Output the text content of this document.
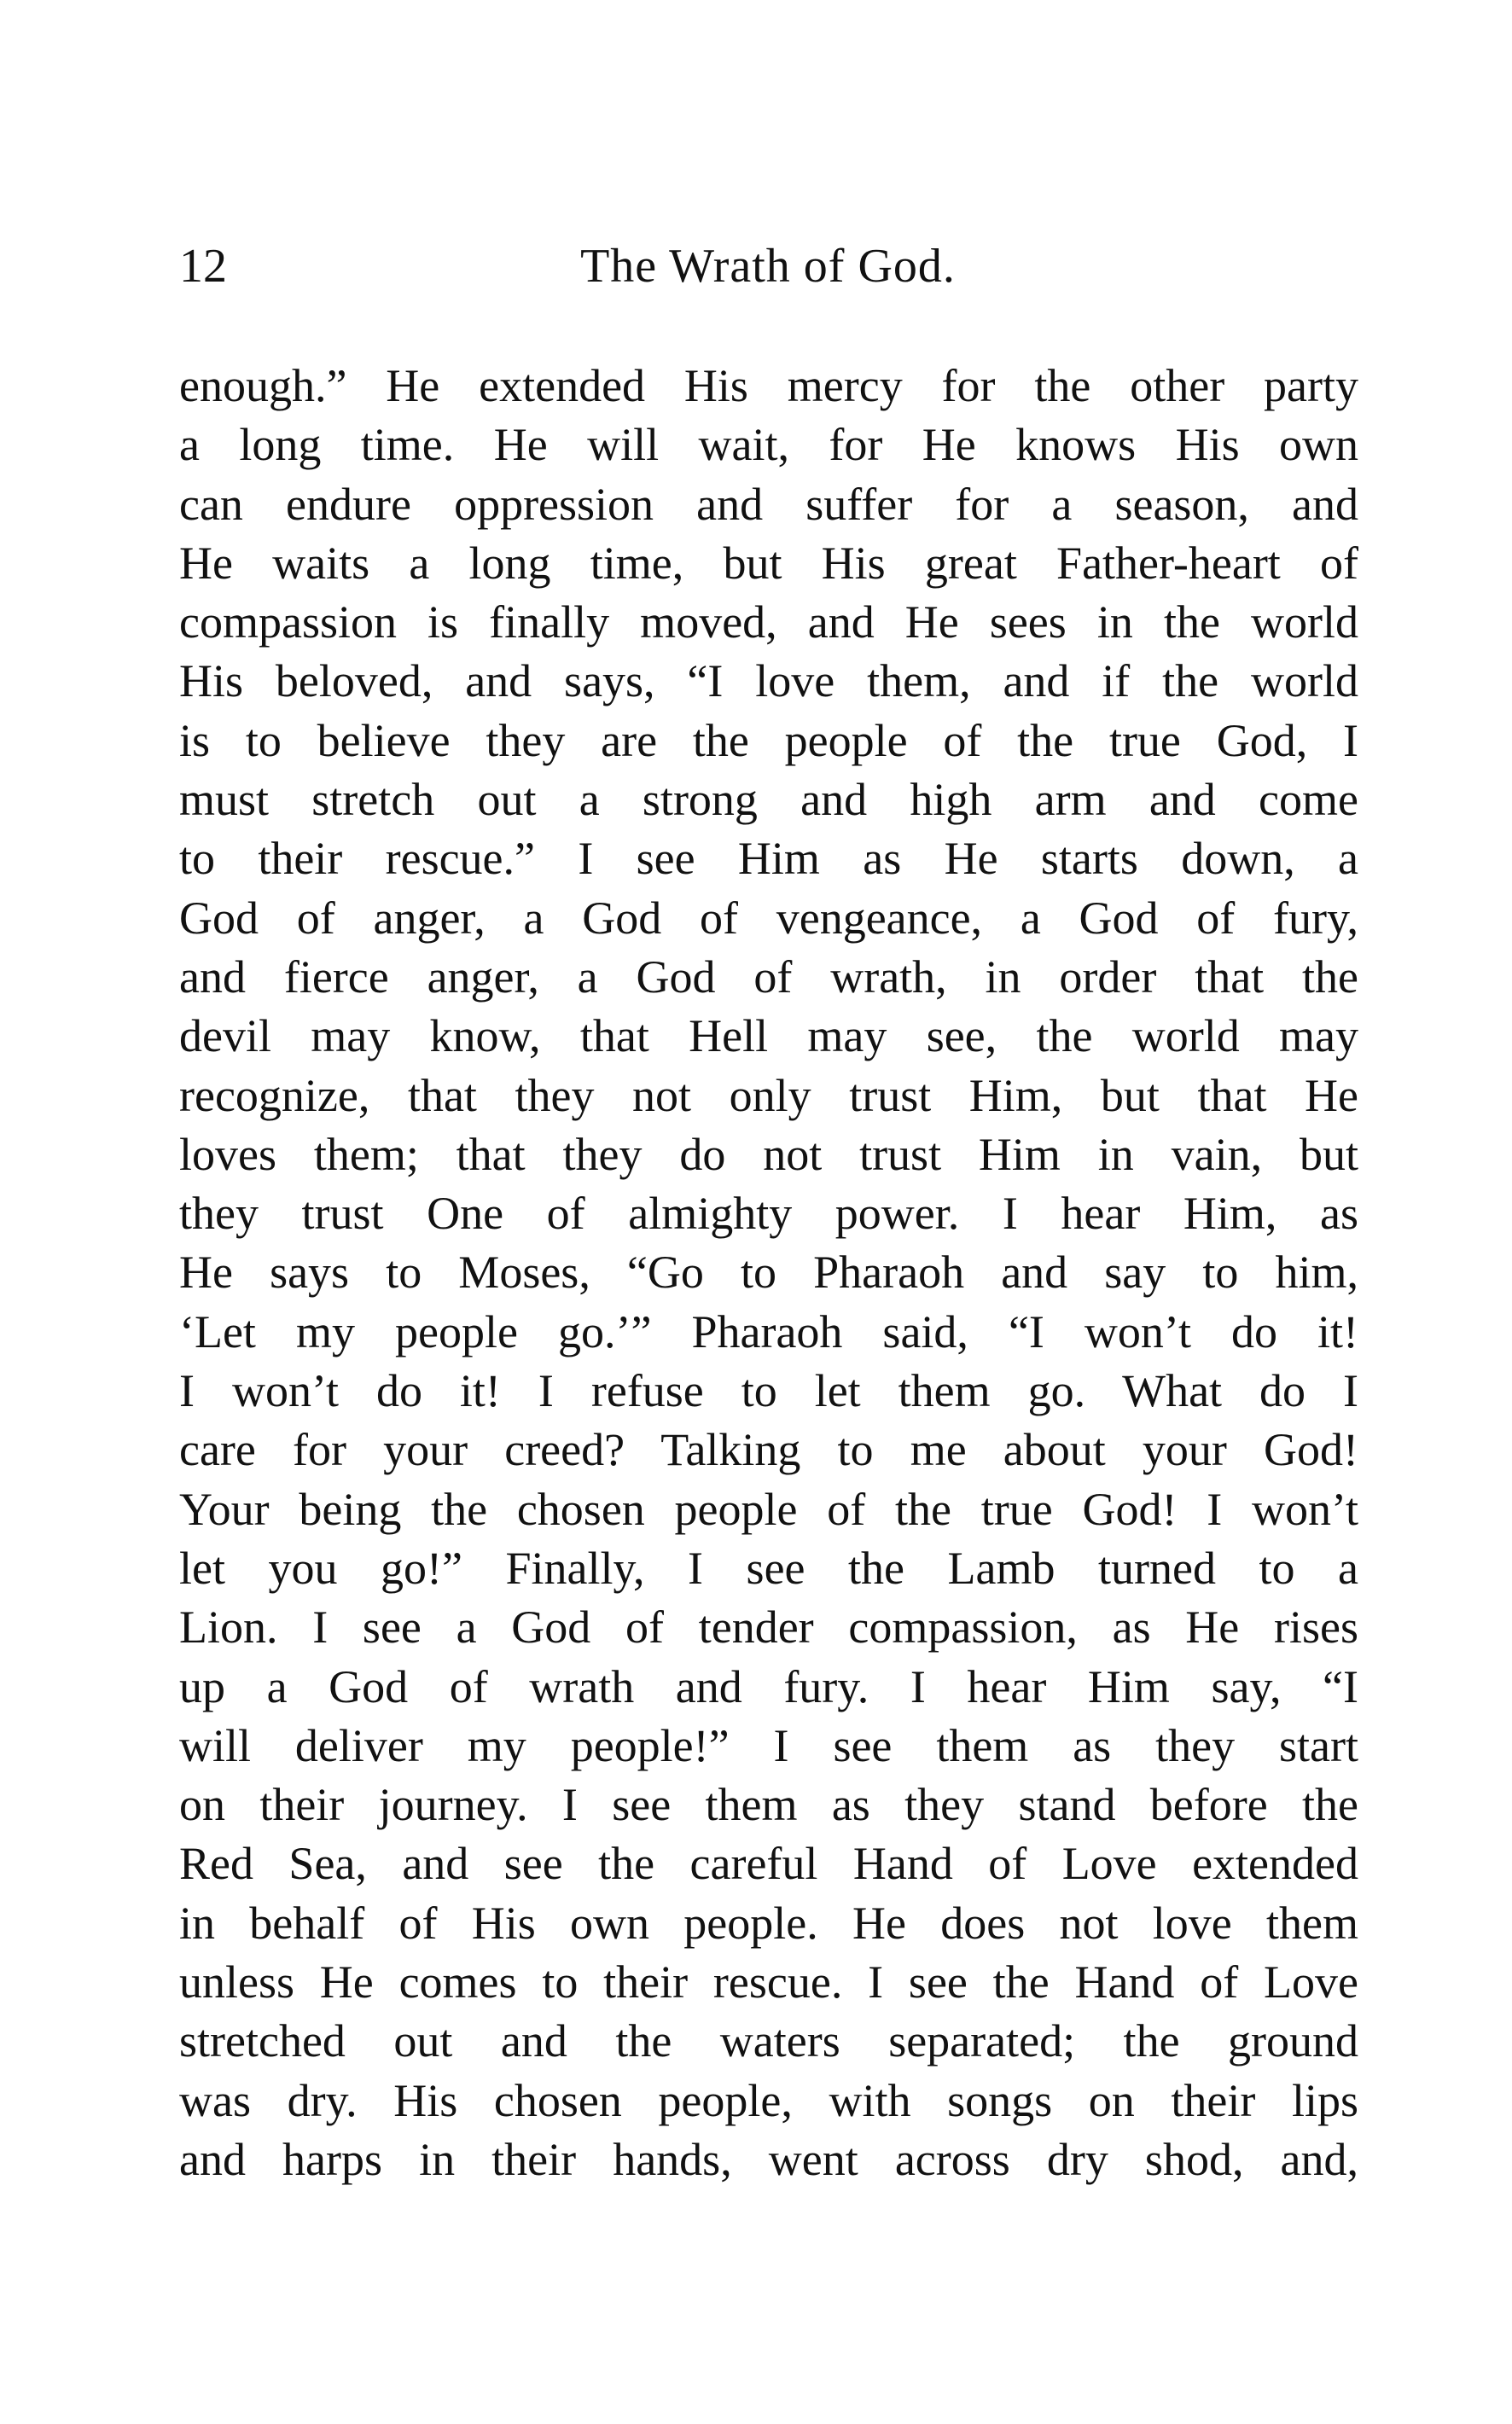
12	The Wrath of God.
enough.” He extended His mercy for the other party
a long time. He will wait, for He knows His own
can endure oppression and suffer for a season, and
He waits a long time, but His great Father-heart of
compassion is finally moved, and He sees in the world
His beloved, and says, “I love them, and if the world
is to believe they are the people of the true God, I
must stretch out a strong and high arm and come
to their rescue.” I see Him as He starts down, a
God of anger, a God of vengeance, a God of fury,
and fierce anger, a God of wrath, in order that the
devil may know, that Hell may see, the world may
recognize, that they not only trust Him, but that He
loves them; that they do not trust Him in vain, but
they trust One of almighty power. I hear Him, as
He says to Moses, “Go to Pharaoh and say to him,
‘Let my people go.’” Pharaoh said, “I won’t do it!
I won’t do it! I refuse to let them go. What do I
care for your creed? Talking to me about your God!
Your being the chosen people of the true God! I won’t
let you go!” Finally, I see the Lamb turned to a
Lion. I see a God of tender compassion, as He rises
up a God of wrath and fury. I hear Him say, “I
will deliver my people!” I see them as they start
on their journey. I see them as they stand before the
Red Sea, and see the careful Hand of Love extended
in behalf of His own people. He does not love them
unless He comes to their rescue. I see the Hand of Love
stretched out and the waters separated; the ground
was dry. His chosen people, with songs on their lips
and harps in their hands, went across dry shod, and,
